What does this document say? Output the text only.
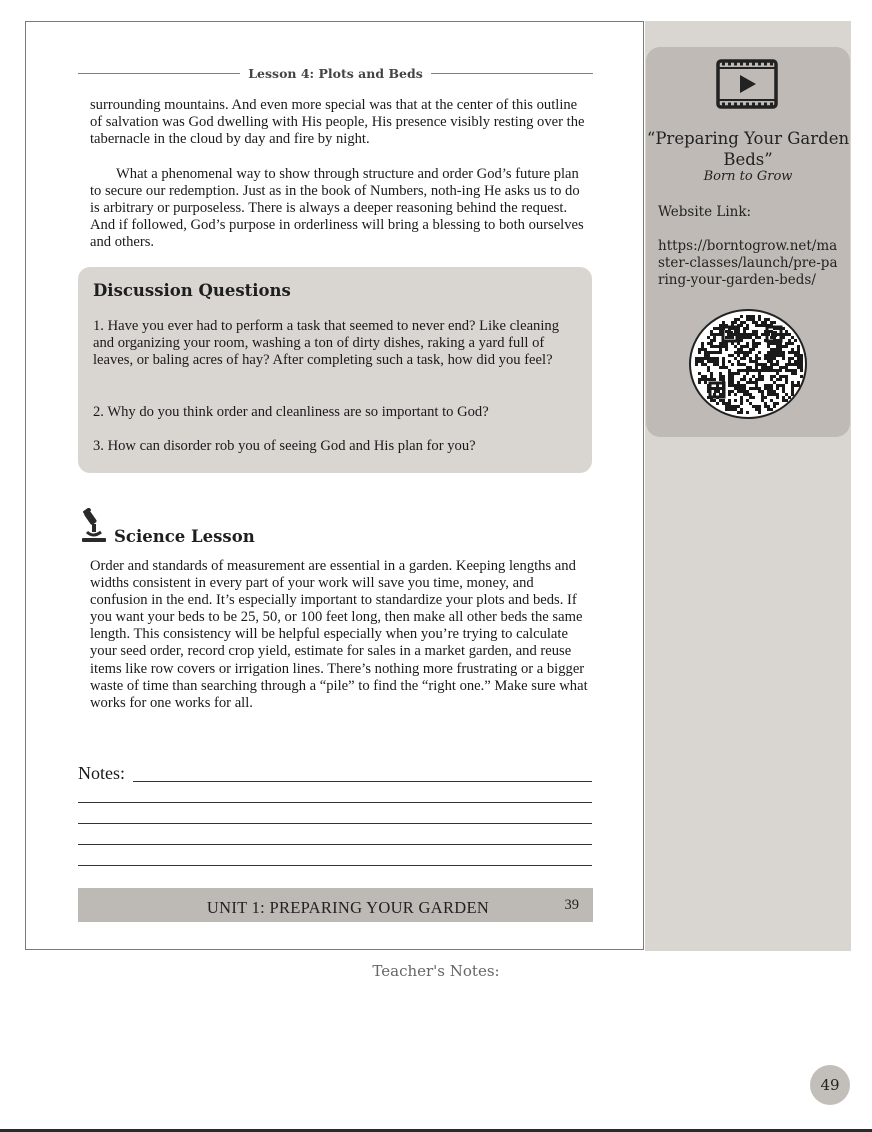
Lesson 4: Plots and Beds

surrounding mountains. And even more special was that at the center of this outline of salvation was God dwelling with His people, His presence visibly resting over the tabernacle in the cloud by day and fire by night.

What a phenomenal way to show through structure and order God’s future plan to secure our redemption. Just as in the book of Numbers, noth-ing He asks us to do is arbitrary or purposeless. There is always a deeper reasoning behind the request. And if followed, God’s purpose in orderliness will bring a blessing to both ourselves and others.

Discussion Questions

1. Have you ever had to perform a task that seemed to never end? Like cleaning and organizing your room, washing a ton of dirty dishes, raking a yard full of leaves, or baling acres of hay? After completing such a task, how did you feel?

2. Why do you think order and cleanliness are so important to God?

3. How can disorder rob you of seeing God and His plan for you?

Science Lesson

Order and standards of measurement are essential in a garden. Keeping lengths and widths consistent in every part of your work will save you time, money, and confusion in the end. It’s especially important to standardize your plots and beds. If you want your beds to be 25, 50, or 100 feet long, then make all other beds the same length. This consistency will be helpful especially when you’re trying to calculate your seed order, record crop yield, estimate for sales in a market garden, and reuse items like row covers or irrigation lines. There’s nothing more frustrating or a bigger waste of time than searching through a “pile” to find the “right one.” Make sure what works for one works for all.

Notes:
UNIT 1: PREPARING YOUR GARDEN	39
“Preparing Your Garden Beds”
Born to Grow
Website Link:
https://borntogrow.net/master-classes/launch/pre-paring-your-garden-beds/
Teacher's Notes:
49
